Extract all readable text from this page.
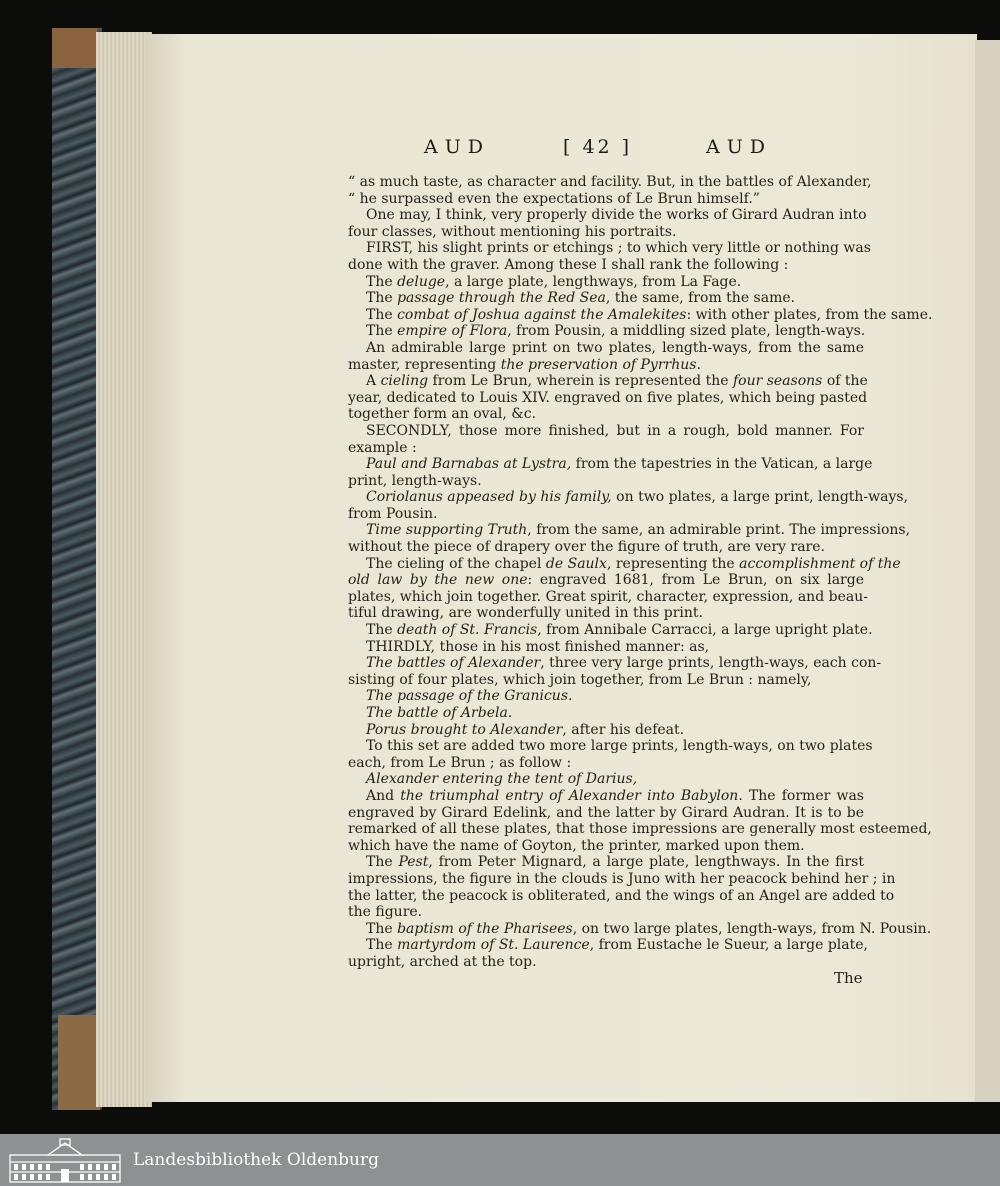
AUD	[ 42 ]	AUD
“ as much taste, as character and facility. But, in the battles of Alexander,
“ he surpassed even the expectations of Le Brun himself.”
One may, I think, very properly divide the works of Girard Audran into
four classes, without mentioning his portraits.
FIRST, his slight prints or etchings ; to which very little or nothing was
done with the graver. Among these I shall rank the following :
The deluge, a large plate, lengthways, from La Fage.
The passage through the Red Sea, the same, from the same.
The combat of Joshua against the Amalekites: with other plates, from the same.
The empire of Flora, from Pousin, a middling sized plate, length-ways.
An admirable large print on two plates, length-ways, from the same
master, representing the preservation of Pyrrhus.
A cieling from Le Brun, wherein is represented the four seasons of the
year, dedicated to Louis XIV. engraved on five plates, which being pasted
together form an oval, &c.
SECONDLY, those more finished, but in a rough, bold manner. For
example :
Paul and Barnabas at Lystra, from the tapestries in the Vatican, a large
print, length-ways.
Coriolanus appeased by his family, on two plates, a large print, length-ways,
from Pousin.
Time supporting Truth, from the same, an admirable print. The impressions,
without the piece of drapery over the figure of truth, are very rare.
The cieling of the chapel de Saulx, representing the accomplishment of the
old law by the new one: engraved 1681, from Le Brun, on six large
plates, which join together. Great spirit, character, expression, and beau-
tiful drawing, are wonderfully united in this print.
The death of St. Francis, from Annibale Carracci, a large upright plate.
THIRDLY, those in his most finished manner: as,
The battles of Alexander, three very large prints, length-ways, each con-
sisting of four plates, which join together, from Le Brun : namely,
The passage of the Granicus.
The battle of Arbela.
Porus brought to Alexander, after his defeat.
To this set are added two more large prints, length-ways, on two plates
each, from Le Brun ; as follow :
Alexander entering the tent of Darius,
And the triumphal entry of Alexander into Babylon. The former was
engraved by Girard Edelink, and the latter by Girard Audran. It is to be
remarked of all these plates, that those impressions are generally most esteemed,
which have the name of Goyton, the printer, marked upon them.
The Pest, from Peter Mignard, a large plate, lengthways. In the first
impressions, the figure in the clouds is Juno with her peacock behind her ; in
the latter, the peacock is obliterated, and the wings of an Angel are added to
the figure.
The baptism of the Pharisees, on two large plates, length-ways, from N. Pousin.
The martyrdom of St. Laurence, from Eustache le Sueur, a large plate,
upright, arched at the top.
The
Landesbibliothek Oldenburg
